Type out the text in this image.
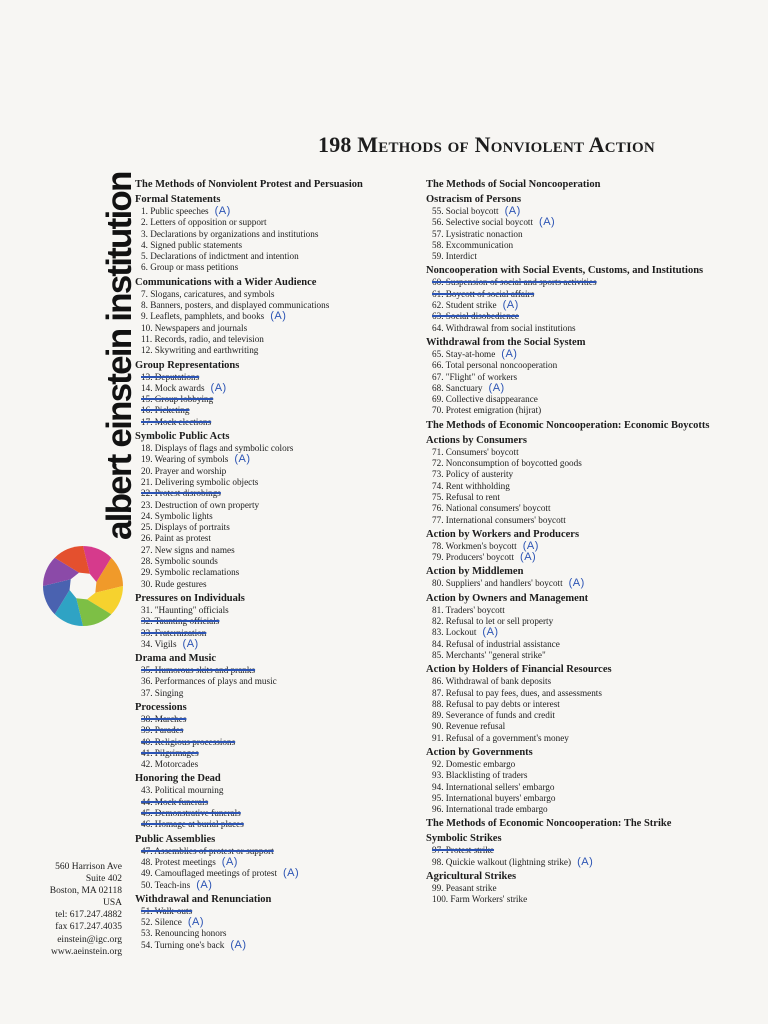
198 Methods of Nonviolent Action
albert einstein institution
560 Harrison Ave
Suite 402
Boston, MA 02118
USA
tel: 617.247.4882
fax 617.247.4035
einstein@igc.org
www.aeinstein.org
The Methods of Nonviolent Protest and Persuasion
Formal Statements
1. Public speeches (A)
2. Letters of opposition or support
3. Declarations by organizations and institutions
4. Signed public statements
5. Declarations of indictment and intention
6. Group or mass petitions
Communications with a Wider Audience
7. Slogans, caricatures, and symbols
8. Banners, posters, and displayed communications
9. Leaflets, pamphlets, and books (A)
10. Newspapers and journals
11. Records, radio, and television
12. Skywriting and earthwriting
Group Representations
13. Deputations
14. Mock awards (A)
15. Group lobbying
16. Picketing
17. Mock elections
Symbolic Public Acts
18. Displays of flags and symbolic colors
19. Wearing of symbols (A)
20. Prayer and worship
21. Delivering symbolic objects
22. Protest disrobings
23. Destruction of own property
24. Symbolic lights
25. Displays of portraits
26. Paint as protest
27. New signs and names
28. Symbolic sounds
29. Symbolic reclamations
30. Rude gestures
Pressures on Individuals
31. "Haunting" officials
32. Taunting officials
33. Fraternization
34. Vigils (A)
Drama and Music
35. Humorous skits and pranks
36. Performances of plays and music
37. Singing
Processions
38. Marches
39. Parades
40. Religious processions
41. Pilgrimages
42. Motorcades
Honoring the Dead
43. Political mourning
44. Mock funerals
45. Demonstrative funerals
46. Homage at burial places
Public Assemblies
47. Assemblies of protest or support
48. Protest meetings (A)
49. Camouflaged meetings of protest (A)
50. Teach-ins (A)
Withdrawal and Renunciation
51. Walk-outs
52. Silence (A)
53. Renouncing honors
54. Turning one's back (A)
The Methods of Social Noncooperation
Ostracism of Persons
55. Social boycott (A)
56. Selective social boycott (A)
57. Lysistratic nonaction
58. Excommunication
59. Interdict
Noncooperation with Social Events, Customs, and Institutions
60. Suspension of social and sports activities
61. Boycott of social affairs
62. Student strike (A)
63. Social disobedience
64. Withdrawal from social institutions
Withdrawal from the Social System
65. Stay-at-home (A)
66. Total personal noncooperation
67. "Flight" of workers
68. Sanctuary (A)
69. Collective disappearance
70. Protest emigration (hijrat)
The Methods of Economic Noncooperation: Economic Boycotts
Actions by Consumers
71. Consumers' boycott
72. Nonconsumption of boycotted goods
73. Policy of austerity
74. Rent withholding
75. Refusal to rent
76. National consumers' boycott
77. International consumers' boycott
Action by Workers and Producers
78. Workmen's boycott (A)
79. Producers' boycott (A)
Action by Middlemen
80. Suppliers' and handlers' boycott (A)
Action by Owners and Management
81. Traders' boycott
82. Refusal to let or sell property
83. Lockout (A)
84. Refusal of industrial assistance
85. Merchants' "general strike"
Action by Holders of Financial Resources
86. Withdrawal of bank deposits
87. Refusal to pay fees, dues, and assessments
88. Refusal to pay debts or interest
89. Severance of funds and credit
90. Revenue refusal
91. Refusal of a government's money
Action by Governments
92. Domestic embargo
93. Blacklisting of traders
94. International sellers' embargo
95. International buyers' embargo
96. International trade embargo
The Methods of Economic Noncooperation: The Strike
Symbolic Strikes
97. Protest strike
98. Quickie walkout (lightning strike) (A)
Agricultural Strikes
99. Peasant strike
100. Farm Workers' strike
